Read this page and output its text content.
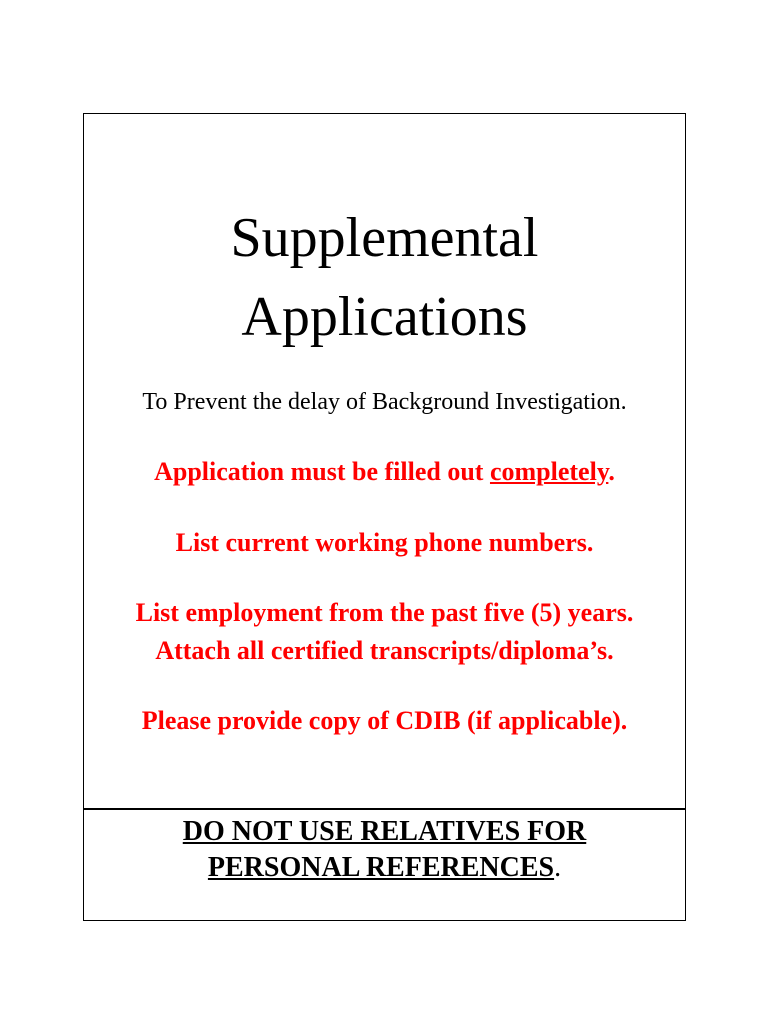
Supplemental
Applications
To Prevent the delay of Background Investigation.
Application must be filled out completely.
List current working phone numbers.
List employment from the past five (5) years.
Attach all certified transcripts/diploma’s.
Please provide copy of CDIB (if applicable).
DO NOT USE RELATIVES FOR
PERSONAL REFERENCES.
